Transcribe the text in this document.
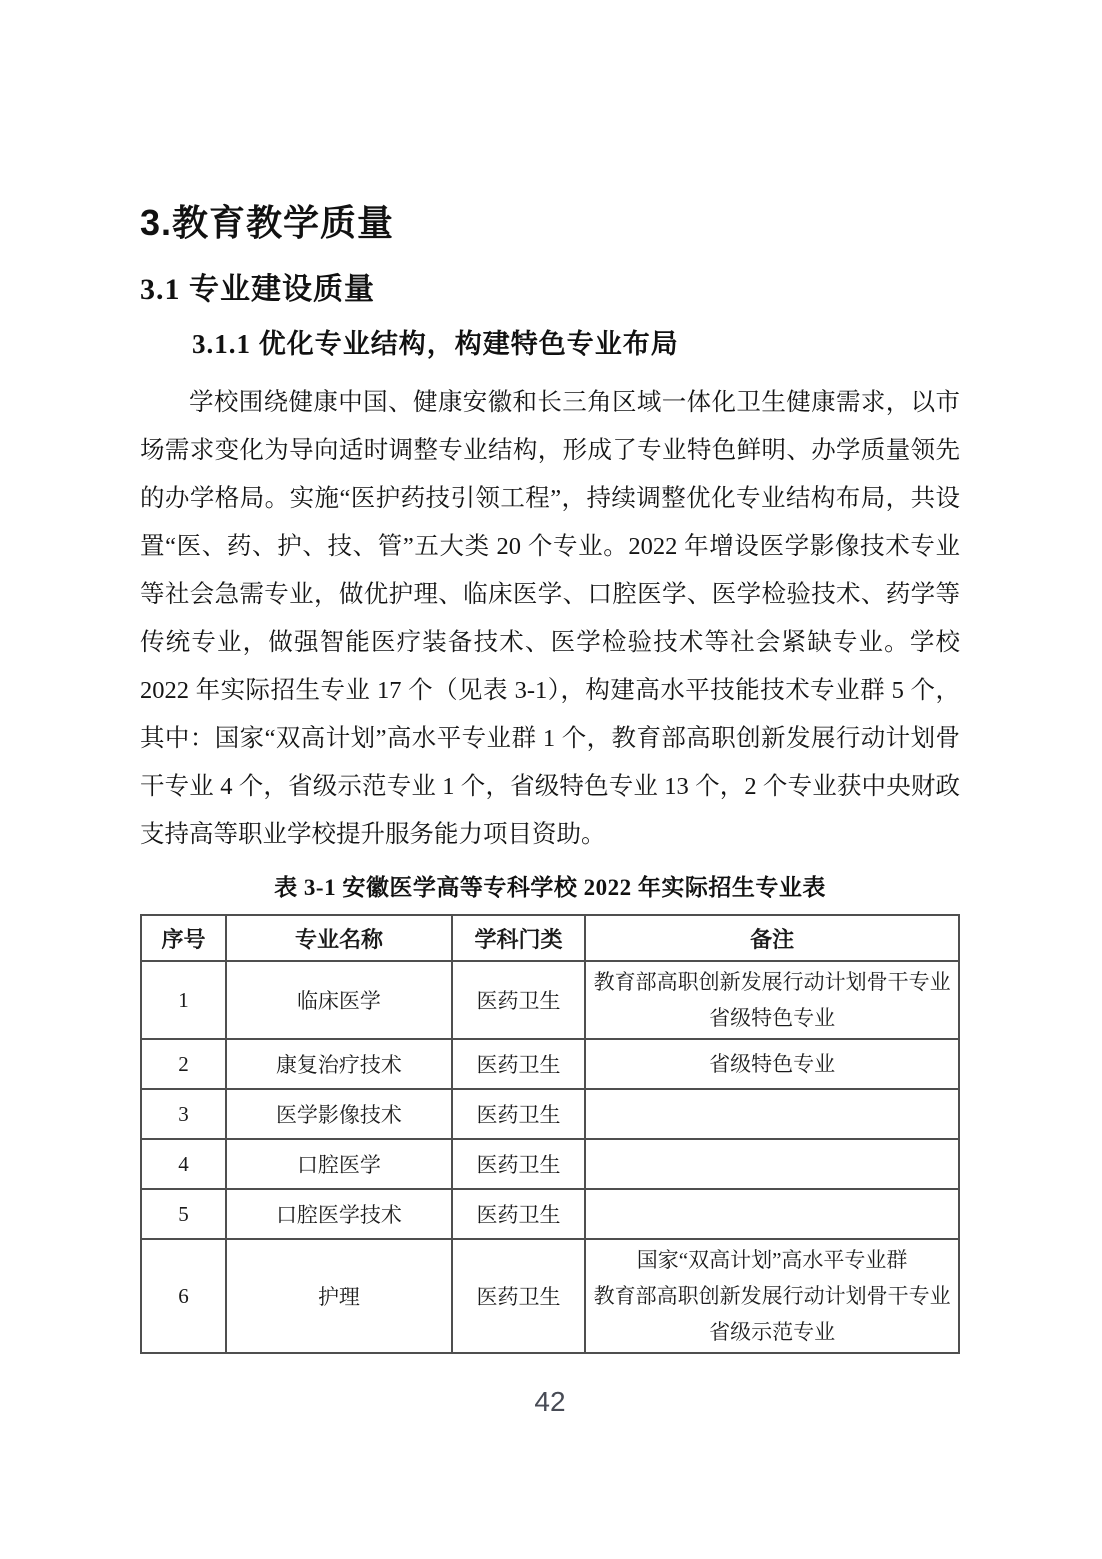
3.教育教学质量
3.1 专业建设质量
3.1.1 优化专业结构，构建特色专业布局

学校围绕健康中国、健康安徽和长三角区域一体化卫生健康需求，以市场需求变化为导向适时调整专业结构，形成了专业特色鲜明、办学质量领先的办学格局。实施“医护药技引领工程”，持续调整优化专业结构布局，共设置“医、药、护、技、管”五大类 20 个专业。2022 年增设医学影像技术专业等社会急需专业，做优护理、临床医学、口腔医学、医学检验技术、药学等传统专业，做强智能医疗装备技术、医学检验技术等社会紧缺专业。学校 2022 年实际招生专业 17 个（见表 3-1），构建高水平技能技术专业群 5 个，其中：国家“双高计划”高水平专业群 1 个，教育部高职创新发展行动计划骨干专业 4 个，省级示范专业 1 个，省级特色专业 13 个，2 个专业获中央财政支持高等职业学校提升服务能力项目资助。

表 3-1 安徽医学高等专科学校 2022 年实际招生专业表
序号	专业名称	学科门类	备注
1	临床医学	医药卫生	教育部高职创新发展行动计划骨干专业
省级特色专业

2	康复治疗技术	医药卫生	省级特色专业

3	医学影像技术	医药卫生	
4	口腔医学	医药卫生	
5	口腔医学技术	医药卫生	
6	护理	医药卫生	国家“双高计划”高水平专业群
教育部高职创新发展行动计划骨干专业
省级示范专业
42
